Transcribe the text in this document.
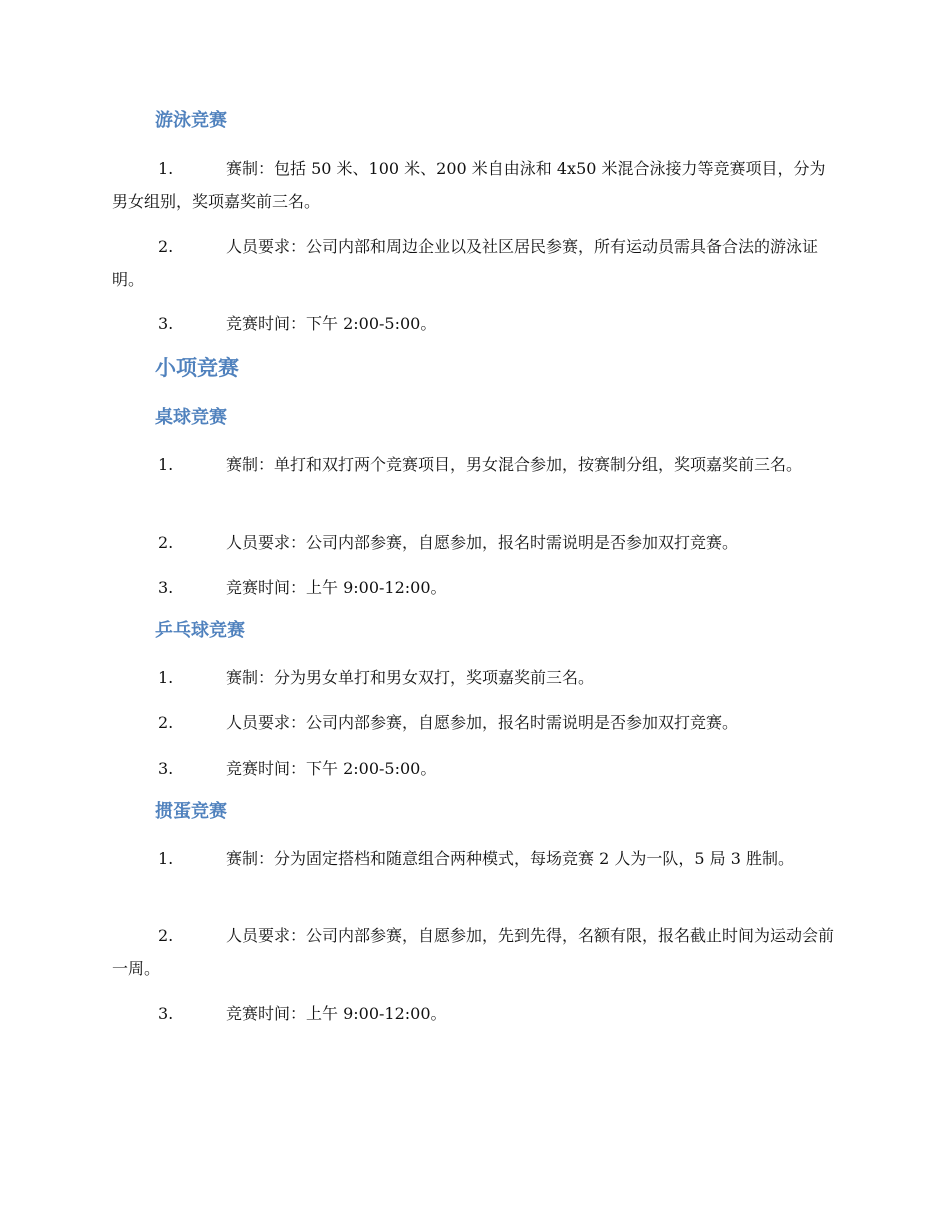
游泳竞赛

1.	赛制：包括 50 米、100 米、200 米自由泳和 4x50 米混合泳接力等竞赛项目，分为男女组别，奖项嘉奖前三名。

2.	人员要求：公司内部和周边企业以及社区居民参赛，所有运动员需具备合法的游泳证明。

3.	竞赛时间：下午 2:00-5:00。

小项竞赛
桌球竞赛

1.	赛制：单打和双打两个竞赛项目，男女混合参加，按赛制分组，奖项嘉奖前三名。

2.	人员要求：公司内部参赛，自愿参加，报名时需说明是否参加双打竞赛。

3.	竞赛时间：上午 9:00-12:00。

乒乓球竞赛

1.	赛制：分为男女单打和男女双打，奖项嘉奖前三名。

2.	人员要求：公司内部参赛，自愿参加，报名时需说明是否参加双打竞赛。

3.	竞赛时间：下午 2:00-5:00。

掼蛋竞赛

1.	赛制：分为固定搭档和随意组合两种模式，每场竞赛 2 人为一队，5 局 3 胜制。

2.	人员要求：公司内部参赛，自愿参加，先到先得，名额有限，报名截止时间为运动会前一周。

3.	竞赛时间：上午 9:00-12:00。
